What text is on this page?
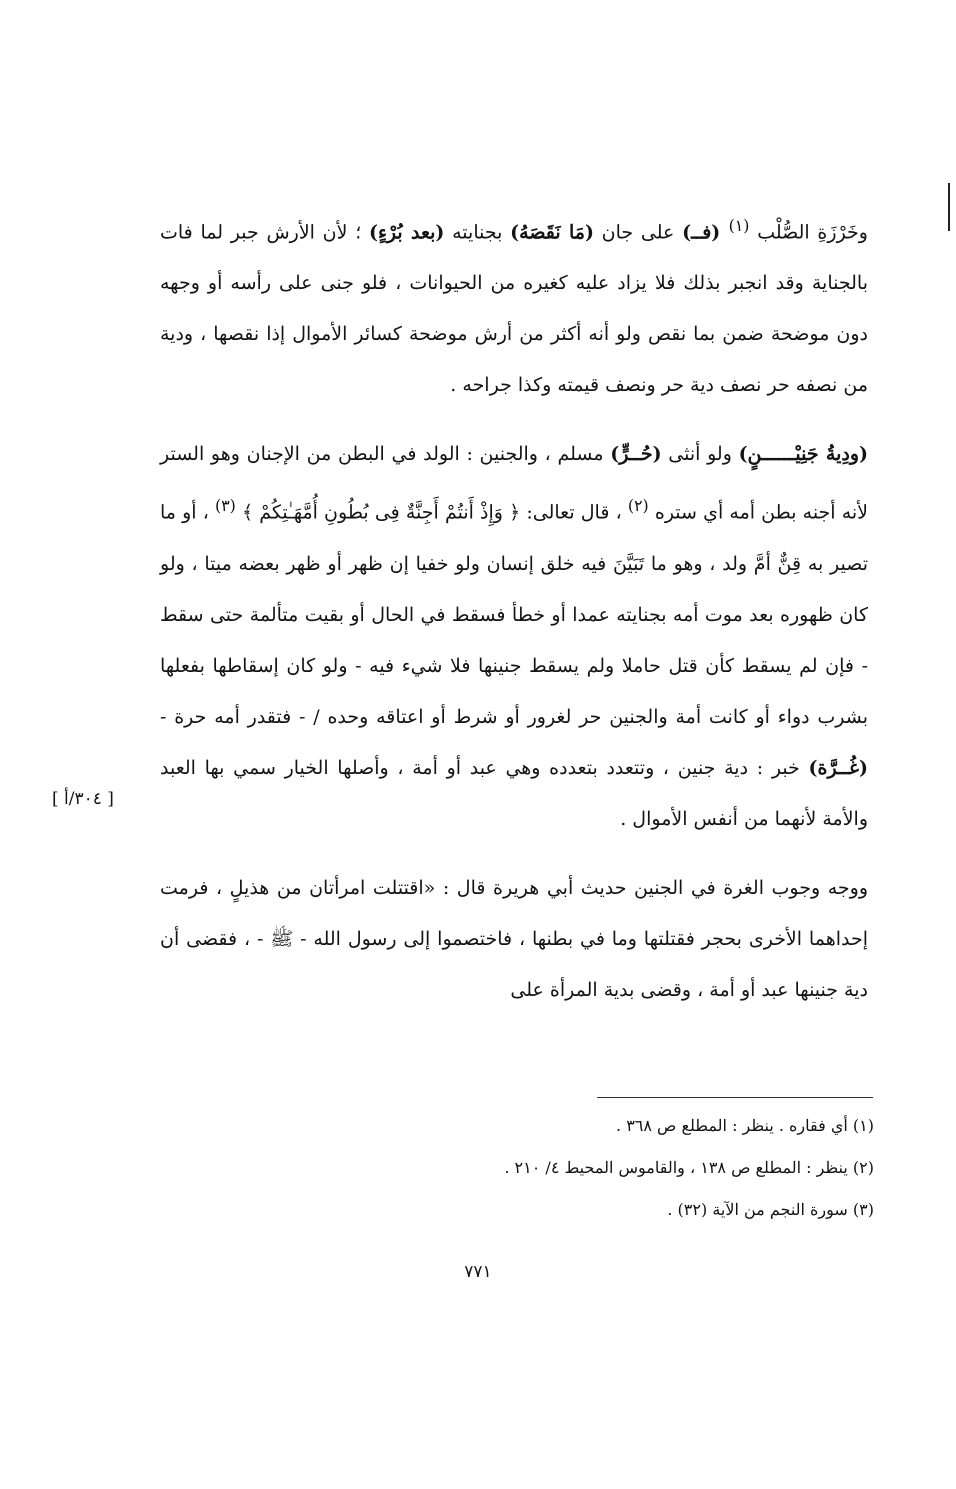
[ ٣٠٤/أ ]

وخَرْزَةِ الصُّلْب $^{(١)}$ (فــ) على جان (مَا نَقَصَهُ) بجنايته (بعد بُرْءٍ) ؛ لأن الأرش جبر لما فات بالجناية وقد انجبر بذلك فلا يزاد عليه كغيره من الحيوانات ، فلو جنى على رأسه أو وجهه دون موضحة ضمن بما نقص ولو أنه أكثر من أرش موضحة كسائر الأموال إذا نقصها ، ودية من نصفه حر نصف دية حر ونصف قيمته وكذا جراحه .

(ودِيةُ جَنِيْــــــنٍ) ولو أنثى (حُــرٍّ) مسلم ، والجنين : الولد في البطن من الإجنان وهو الستر لأنه أجنه بطن أمه أي ستره $^{(٢)}$ ، قال تعالى: ﴿ وَإِذْ أَنتُمْ أَجِنَّةٌ فِى بُطُونِ أُمَّهَـٰتِكُمْ ﴾ $^{(٣)}$ ، أو ما تصير به قِنٌّ أمَّ ولد ، وهو ما تَبَيَّنَ فيه خلق إنسان ولو خفيا إن ظهر أو ظهر بعضه ميتا ، ولو كان ظهوره بعد موت أمه بجنايته عمدا أو خطأ فسقط في الحال أو بقيت متألمة حتى سقط - فإن لم يسقط كأن قتل حاملا ولم يسقط جنينها فلا شيء فيه - ولو كان إسقاطها بفعلها بشرب دواء أو كانت أمة والجنين حر لغرور أو شرط أو اعتاقه وحده / - فتقدر أمه حرة - (غُــرَّة) خبر : دية جنين ، وتتعدد بتعدده وهي عبد أو أمة ، وأصلها الخيار سمي بها العبد والأمة لأنهما من أنفس الأموال .

ووجه وجوب الغرة في الجنين حديث أبي هريرة قال : «اقتتلت امرأتان من هذيلٍ ، فرمت إحداهما الأخرى بحجر فقتلتها وما في بطنها ، فاختصموا إلى رسول الله - ﷺ - ، فقضى أن دية جنينها عبد أو أمة ، وقضى بدية المرأة على

(١) أي فقاره . ينظر : المطلع ص ٣٦٨ .
(٢) ينظر : المطلع ص ١٣٨ ، والقاموس المحيط ٤/ ٢١٠ .
(٣) سورة النجم من الآية (٣٢) .
٧٧١
